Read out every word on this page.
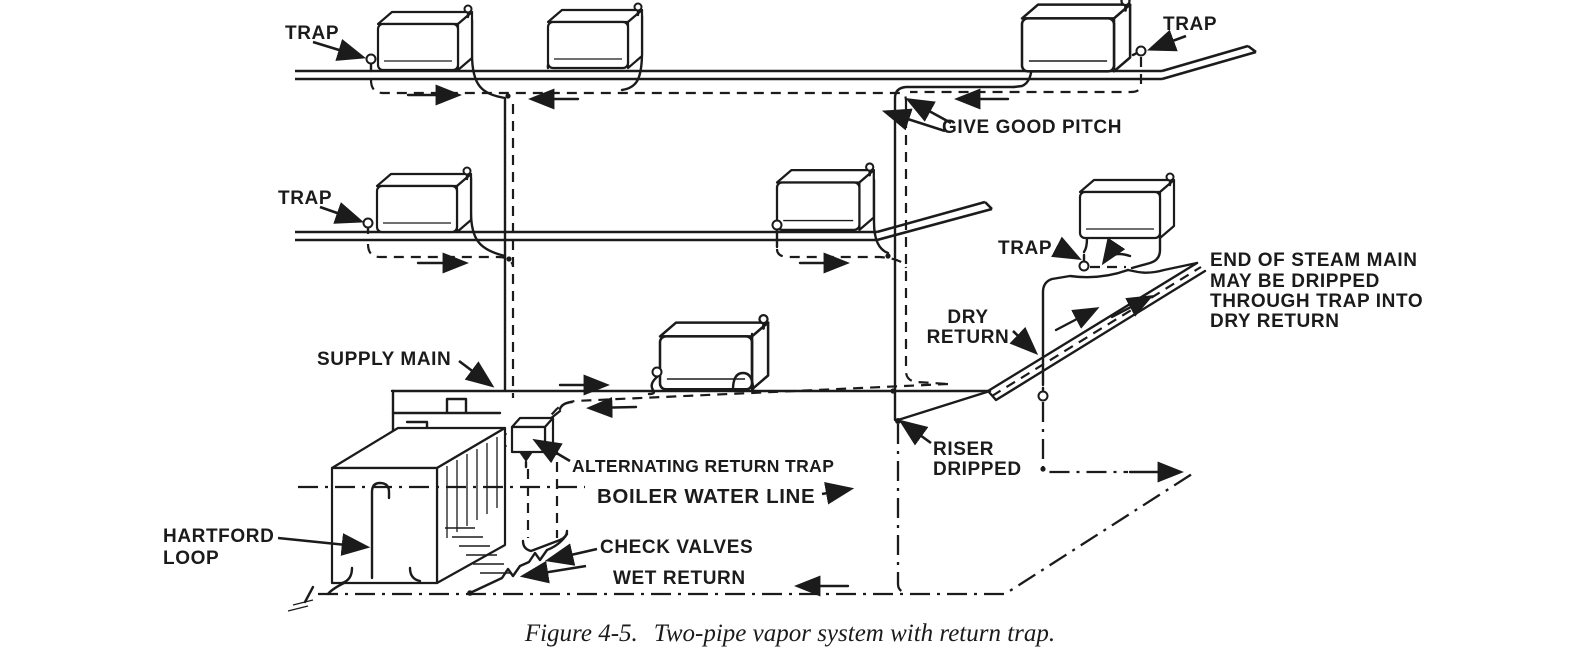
TRAP	TRAP
TRAP
TRAP
GIVE GOOD PITCH
DRY
RETURN
END OF STEAM MAIN
MAY BE DRIPPED
THROUGH TRAP INTO
DRY RETURN
SUPPLY MAIN
ALTERNATING RETURN TRAP
BOILER WATER LINE
RISER
DRIPPED
HARTFORD
LOOP
CHECK VALVES
WET RETURN
Figure 4-5. Two-pipe vapor system with return trap.
